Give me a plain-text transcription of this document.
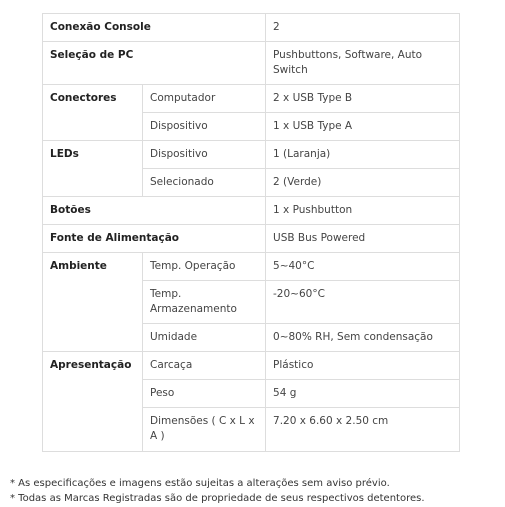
Conexão Console		2
Seleção de PC		Pushbuttons, Software, Auto Switch
Conectores	Computador	2 x USB Type B
	Dispositivo	1 x USB Type A
LEDs	Dispositivo	1 (Laranja)
	Selecionado	2 (Verde)
Botões		1 x Pushbutton
Fonte de Alimentação		USB Bus Powered
Ambiente	Temp. Operação	5~40°C
	Temp. Armazenamento	-20~60°C
	Umidade	0~80% RH, Sem condensação
Apresentação	Carcaça	Plástico
	Peso	54 g
	Dimensões ( C x L x A )	7.20 x 6.60 x 2.50 cm
* As especificações e imagens estão sujeitas a alterações sem aviso prévio.
* Todas as Marcas Registradas são de propriedade de seus respectivos detentores.
